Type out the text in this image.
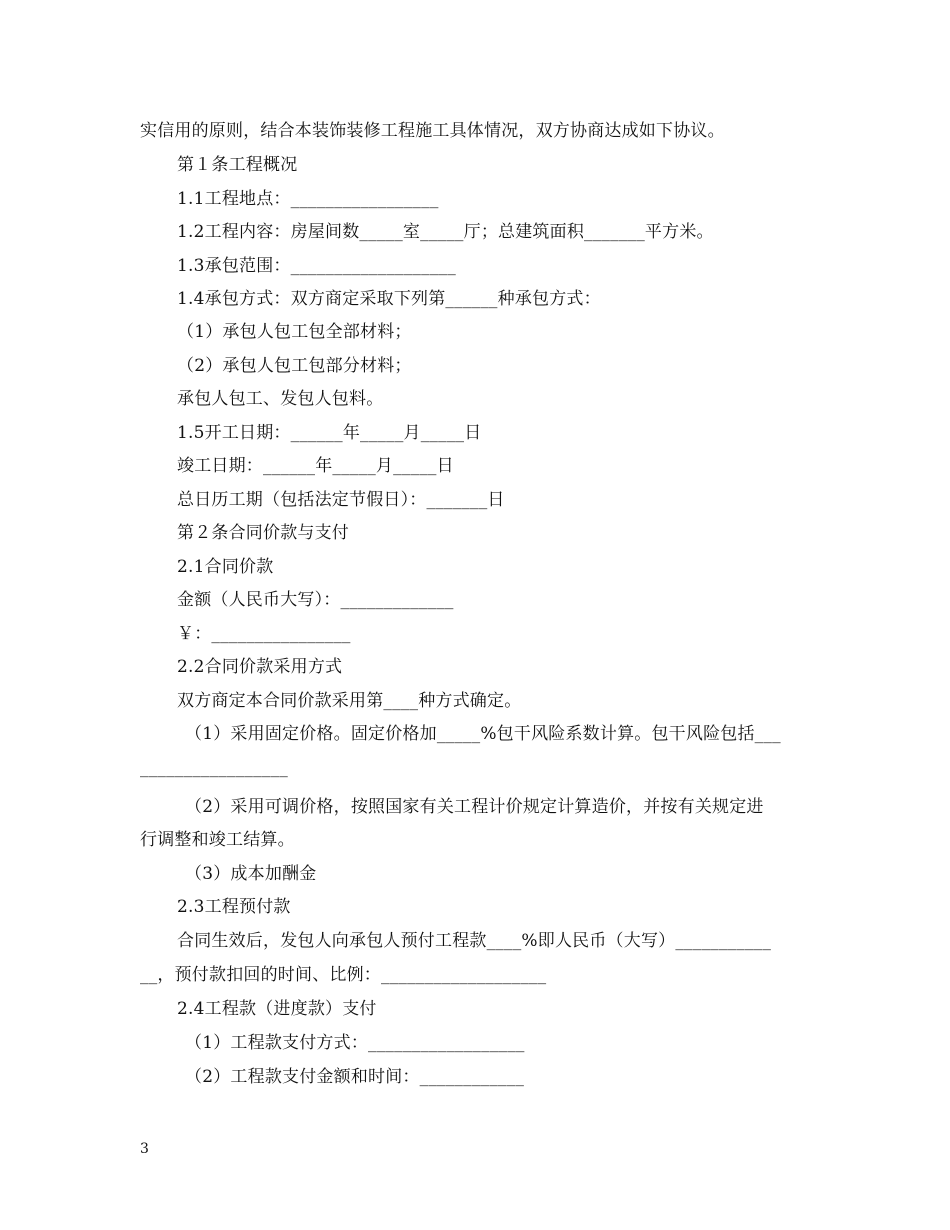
实信用的原则，结合本装饰装修工程施工具体情况，双方协商达成如下协议。
第１条工程概况
1.1工程地点：_________________
1.2工程内容：房屋间数_____室_____厅；总建筑面积_______平方米。
1.3承包范围：___________________
1.4承包方式：双方商定采取下列第______种承包方式：
（1）承包人包工包全部材料；
（2）承包人包工包部分材料；
承包人包工、发包人包料。
1.5开工日期：______年_____月_____日
竣工日期：______年_____月_____日
总日历工期（包括法定节假日）：_______日
第２条合同价款与支付
2.1合同价款
金额（人民币大写）：_____________
￥：________________
2.2合同价款采用方式
双方商定本合同价款采用第____种方式确定。
（1）采用固定价格。固定价格加_____%包干风险系数计算。包干风险包括___
_________________
（2）采用可调价格，按照国家有关工程计价规定计算造价，并按有关规定进
行调整和竣工结算。
（3）成本加酬金
2.3工程预付款
合同生效后，发包人向承包人预付工程款____%即人民币（大写）___________
__，预付款扣回的时间、比例：___________________
2.4工程款（进度款）支付
（1）工程款支付方式：__________________
（2）工程款支付金额和时间：____________
3
